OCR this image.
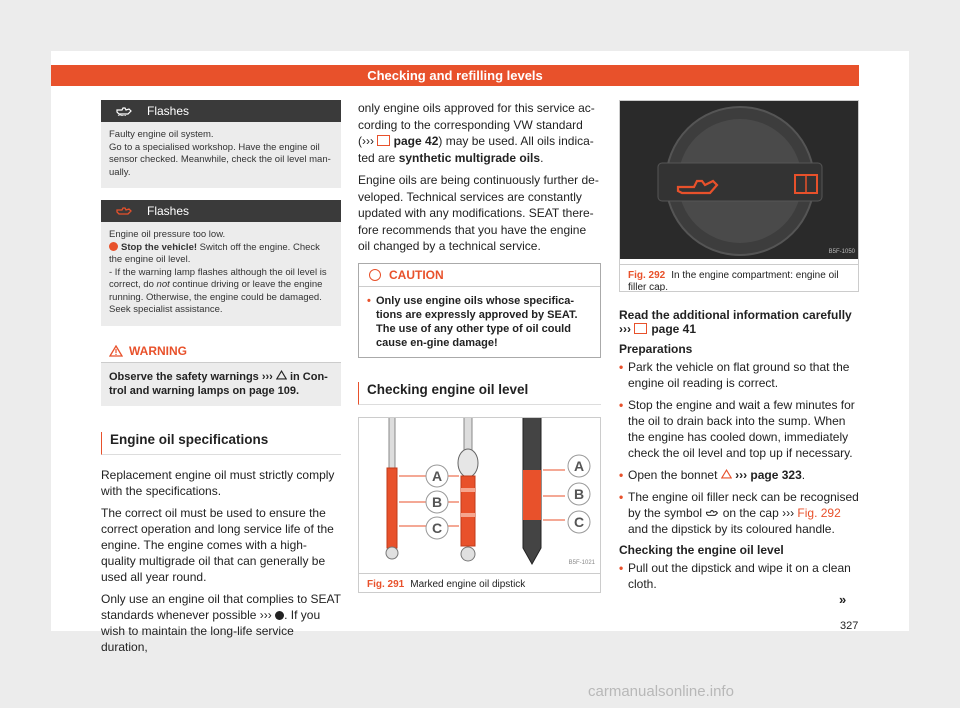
Checking and refilling levels
Flashes
Faulty engine oil system.
Go to a specialised workshop. Have the engine oil sensor checked. Meanwhile, check the oil level man-ually.
Flashes
Engine oil pressure too low.
Stop the vehicle! Switch off the engine. Check the engine oil level.
- If the warning lamp flashes although the oil level is correct, do not continue driving or leave the engine running. Otherwise, the engine could be damaged. Seek specialist assistance.
WARNING
Observe the safety warnings ›››  in Con-trol and warning lamps on page 109.
Engine oil specifications

Replacement engine oil must strictly comply with the specifications.

The correct oil must be used to ensure the correct operation and long service life of the engine. The engine comes with a high-quality multigrade oil that can generally be used all year round.

Only use an engine oil that complies to SEAT standards whenever possible ››› . If you wish to maintain the long-life service duration,

only engine oils approved for this service ac-cording to the corresponding VW standard (››› page 42) may be used. All oils indica-ted are synthetic multigrade oils.

Engine oils are being continuously further de-veloped. Technical services are constantly updated with any modifications. SEAT there-fore recommends that you have the engine oil changed by a technical service.

CAUTION
• Only use engine oils whose specifica-tions are expressly approved by SEAT. The use of any other type of oil could cause en-gine damage!
Checking engine oil level
A
B
C
A
B
C
B5F-1021
Fig. 291 Marked engine oil dipstick
B5F-1050
Fig. 292 In the engine compartment: engine oil filler cap.
Read the additional information carefully
››› page 41
Preparations

• Park the vehicle on flat ground so that the engine oil reading is correct.

• Stop the engine and wait a few minutes for the oil to drain back into the sump. When the engine has cooled down, immediately check the oil level and top up if necessary.

• Open the bonnet  ››› page 323.

• The engine oil filler neck can be recognised by the symbol  on the cap ››› Fig. 292 and the dipstick by its coloured handle.

Checking the engine oil level

• Pull out the dipstick and wipe it on a clean cloth.

»
327
carmanualsonline.info
